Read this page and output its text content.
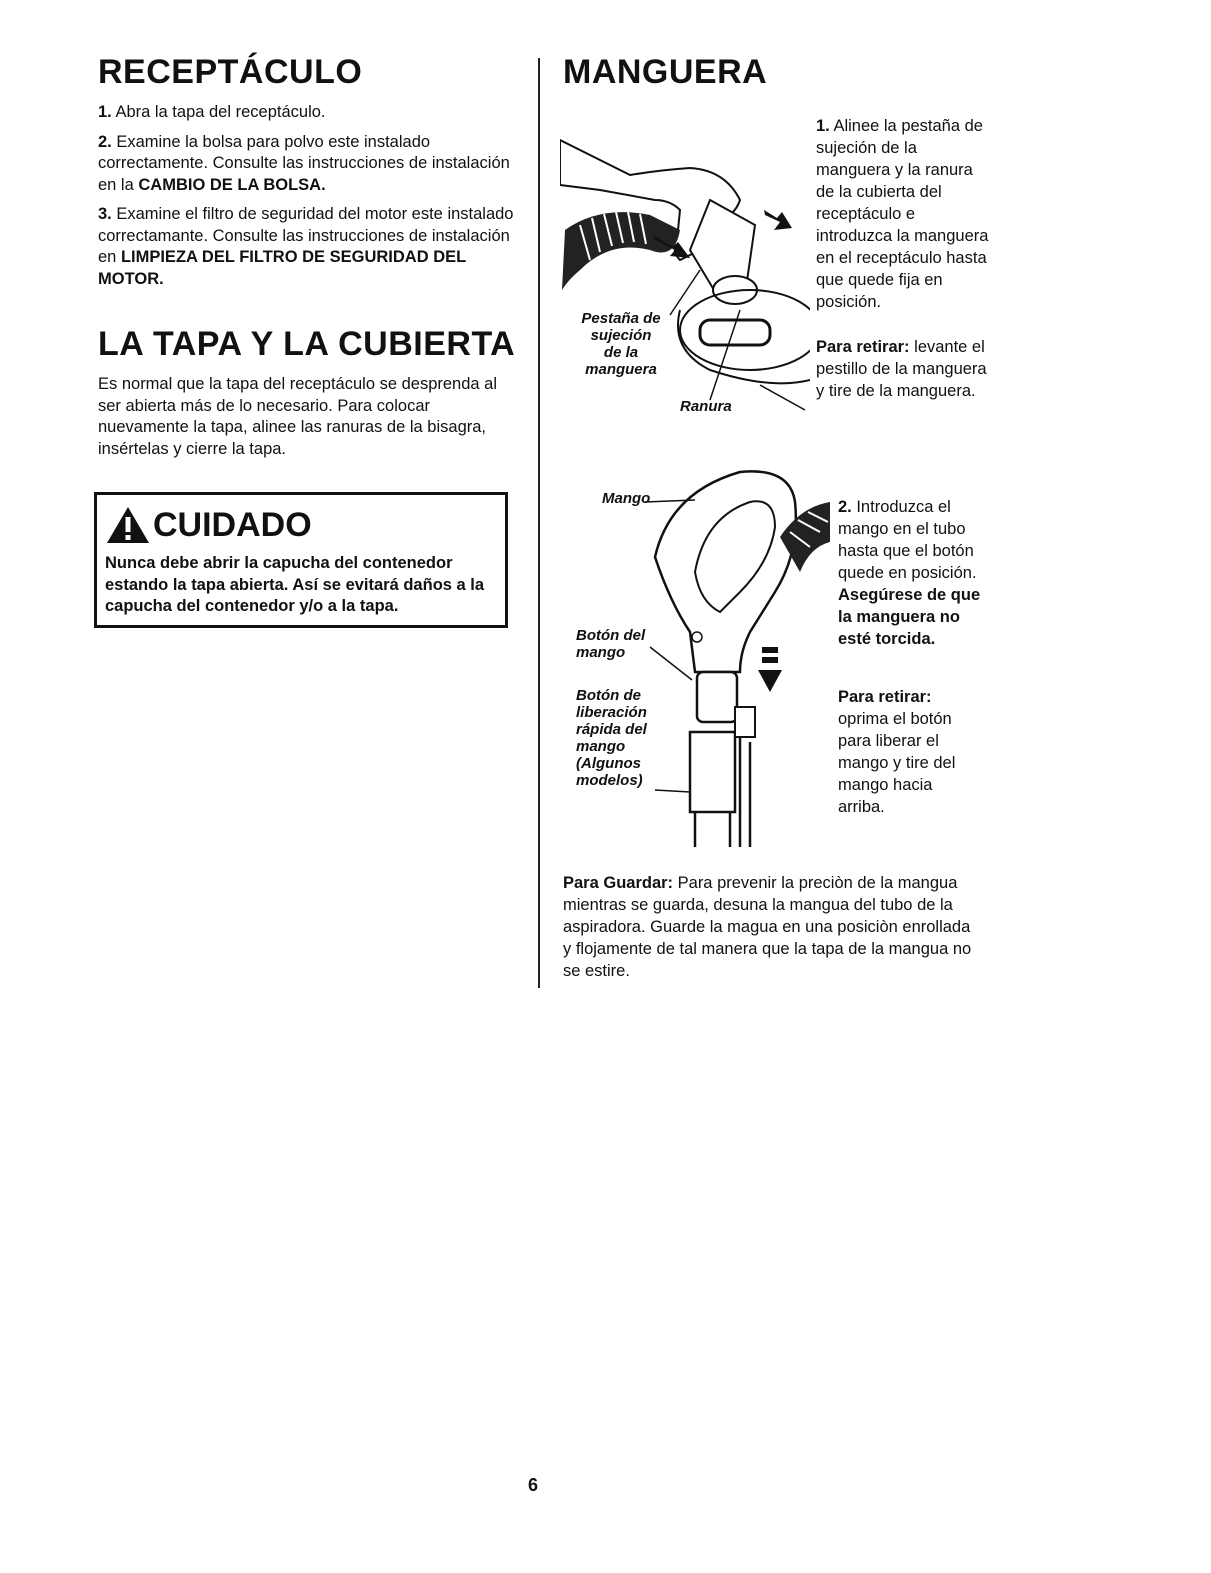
RECEPTÁCULO

1. Abra la tapa del receptáculo.

2. Examine la bolsa para polvo este instalado correctamente. Consulte las instrucciones de instalación en la CAMBIO DE LA BOLSA.

3. Examine el filtro de seguridad del motor este instalado correctamante. Consulte las instrucciones de instalación en LIMPIEZA DEL FILTRO DE SEGURIDAD DEL MOTOR.

LA TAPA Y LA CUBIERTA

Es normal que la tapa del receptáculo se desprenda al ser abierta más de lo necesario. Para colocar nuevamente la tapa, alinee las ranuras de la bisagra, insértelas y cierre la tapa.

CUIDADO
Nunca debe abrir la capucha del contenedor estando la tapa abierta. Así se evitará daños a la capucha del contenedor y/o a la tapa.
MANGUERA
Pestaña de
sujeción
de la
manguera
Ranura
1. Alinee la pestaña de sujeción de la manguera y la ranura de la cubierta del receptáculo e introduzca la manguera en el receptáculo hasta que quede fija en posición.
Para retirar: levante el pestillo de la manguera y tire de la manguera.
Mango
Botón del
mango
Botón de
liberación
rápida del
mango
(Algunos
modelos)
2. Introduzca el mango en el tubo hasta que el botón quede en posición. Asegúrese de que la manguera no esté torcida.
Para retirar: oprima el botón para liberar el mango y tire del mango hacia arriba.
Para Guardar: Para prevenir la preciòn de la mangua mientras se guarda, desuna la mangua del tubo de la aspiradora. Guarde la magua en una posiciòn enrollada y flojamente de tal manera que la tapa de la mangua no se estire.
6
